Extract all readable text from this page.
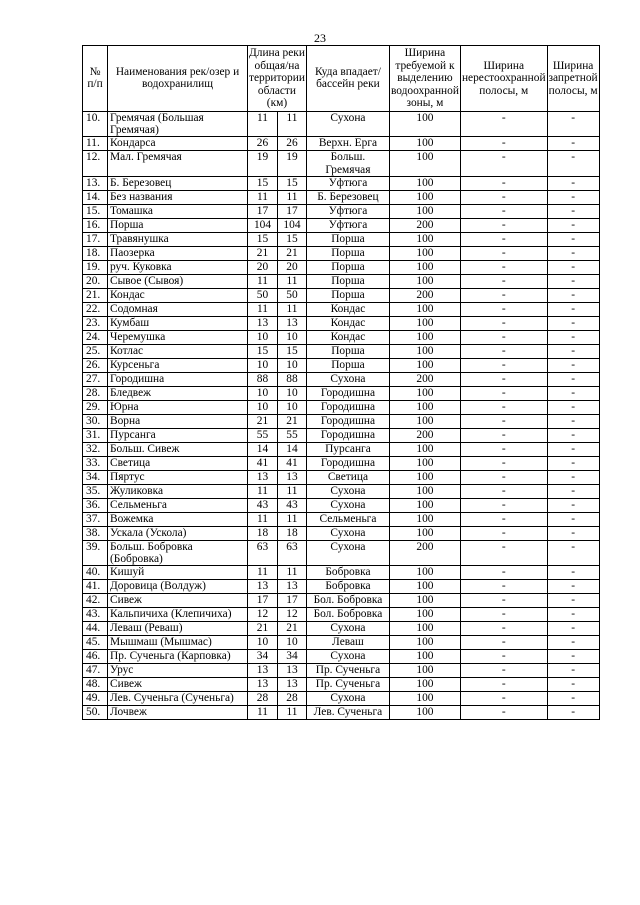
23
№ п/п	Наименования рек/озер и водохранилищ	Длина реки общая/на территории области (км)		Куда впадает/бассейн реки	Ширина требуемой к выделению водоохранной зоны, м	Ширина нерестоохранной полосы, м	Ширина запретной полосы, м
10.	Гремячая (Большая Гремячая)	11	11	Сухона	100	-	-
11.	Кондарса	26	26	Верхн. Ерга	100	-	-
12.	Мал. Гремячая	19	19	Больш. Гремячая	100	-	-
13.	Б. Березовец	15	15	Уфтюга	100	-	-
14.	Без названия	11	11	Б. Березовец	100	-	-
15.	Томашка	17	17	Уфтюга	100	-	-
16.	Порша	104	104	Уфтюга	200	-	-
17.	Травянушка	15	15	Порша	100	-	-
18.	Паозерка	21	21	Порша	100	-	-
19.	руч. Куковка	20	20	Порша	100	-	-
20.	Сывое (Сывоя)	11	11	Порша	100	-	-
21.	Кондас	50	50	Порша	200	-	-
22.	Содомная	11	11	Кондас	100	-	-
23.	Кумбаш	13	13	Кондас	100	-	-
24.	Черемушка	10	10	Кондас	100	-	-
25.	Котлас	15	15	Порша	100	-	-
26.	Курсеньга	10	10	Порша	100	-	-
27.	Городишна	88	88	Сухона	200	-	-
28.	Бледвеж	10	10	Городишна	100	-	-
29.	Юрна	10	10	Городишна	100	-	-
30.	Ворна	21	21	Городишна	100	-	-
31.	Пурсанга	55	55	Городишна	200	-	-
32.	Больш. Сивеж	14	14	Пурсанга	100	-	-
33.	Светица	41	41	Городишна	100	-	-
34.	Пяртус	13	13	Светица	100	-	-
35.	Жуликовка	11	11	Сухона	100	-	-
36.	Сельменьга	43	43	Сухона	100	-	-
37.	Вожемка	11	11	Сельменьга	100	-	-
38.	Ускала (Ускола)	18	18	Сухона	100	-	-
39.	Больш. Бобровка (Бобровка)	63	63	Сухона	200	-	-
40.	Кишуй	11	11	Бобровка	100	-	-
41.	Доровица (Волдуж)	13	13	Бобровка	100	-	-
42.	Сивеж	17	17	Бол. Бобровка	100	-	-
43.	Кальпичиха (Клепичиха)	12	12	Бол. Бобровка	100	-	-
44.	Леваш (Реваш)	21	21	Сухона	100	-	-
45.	Мышмаш (Мышмас)	10	10	Леваш	100	-	-
46.	Пр. Сученьга (Карповка)	34	34	Сухона	100	-	-
47.	Урус	13	13	Пр. Сученьга	100	-	-
48.	Сивеж	13	13	Пр. Сученьга	100	-	-
49.	Лев. Сученьга (Сученьга)	28	28	Сухона	100	-	-
50.	Лочвеж	11	11	Лев. Сученьга	100	-	-
